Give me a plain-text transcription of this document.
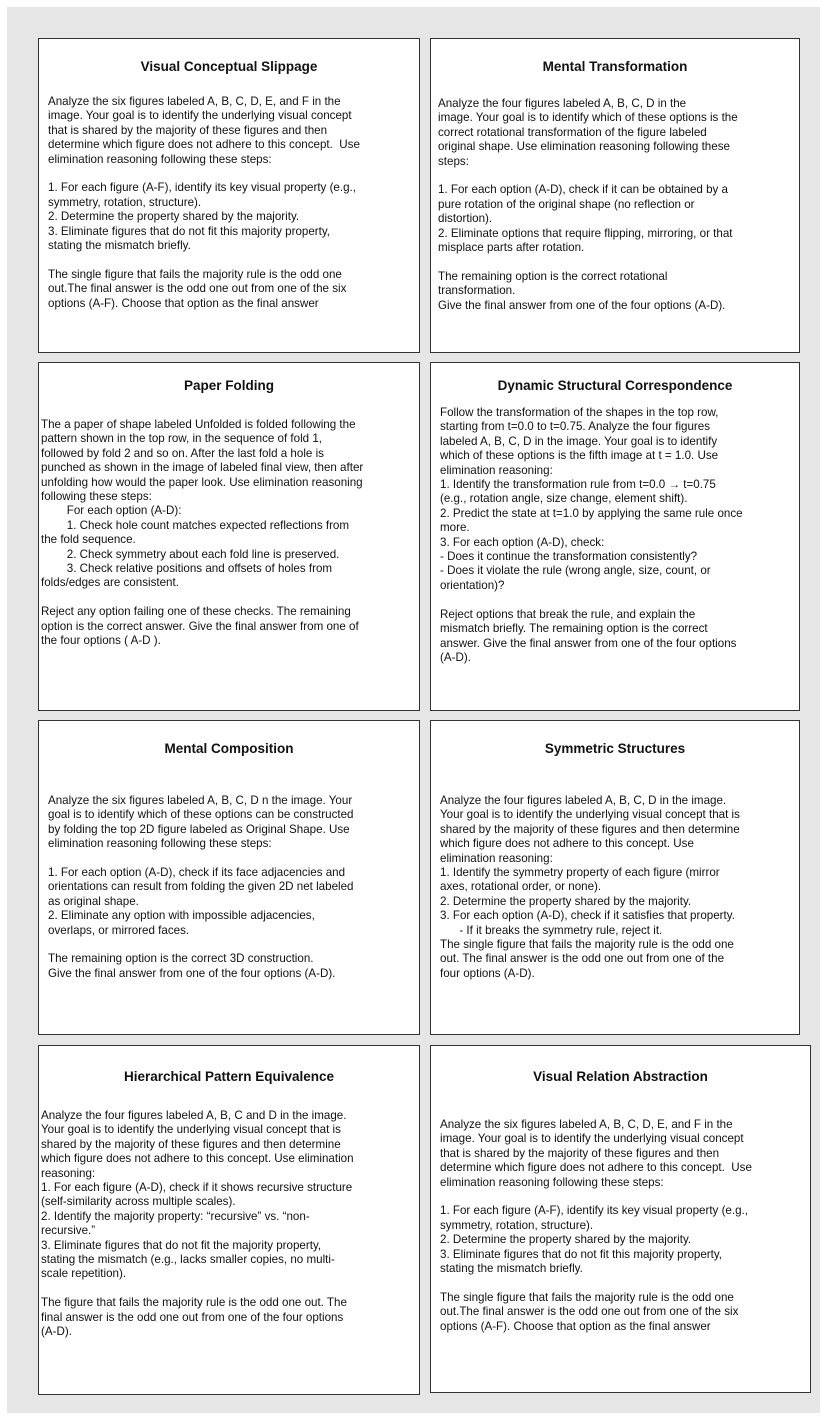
Visual Conceptual Slippage

Analyze the six figures labeled A, B, C, D, E, and F in the
image. Your goal is to identify the underlying visual concept
that is shared by the majority of these figures and then
determine which figure does not adhere to this concept.  Use
elimination reasoning following these steps:

1. For each figure (A-F), identify its key visual property (e.g.,
symmetry, rotation, structure).
2. Determine the property shared by the majority.
3. Eliminate figures that do not fit this majority property,
stating the mismatch briefly.

The single figure that fails the majority rule is the odd one
out.The final answer is the odd one out from one of the six
options (A-F). Choose that option as the final answer

Mental Transformation

Analyze the four figures labeled A, B, C, D in the
image. Your goal is to identify which of these options is the
correct rotational transformation of the figure labeled
original shape. Use elimination reasoning following these
steps:

1. For each option (A-D), check if it can be obtained by a
pure rotation of the original shape (no reflection or
distortion).
2. Eliminate options that require flipping, mirroring, or that
misplace parts after rotation.

The remaining option is the correct rotational
transformation.
Give the final answer from one of the four options (A-D).

Paper Folding

The a paper of shape labeled Unfolded is folded following the
pattern shown in the top row, in the sequence of fold 1,
followed by fold 2 and so on. After the last fold a hole is
punched as shown in the image of labeled final view, then after
unfolding how would the paper look. Use elimination reasoning
following these steps:
For each option (A-D):
1. Check hole count matches expected reflections from
the fold sequence.
2. Check symmetry about each fold line is preserved.
3. Check relative positions and offsets of holes from
folds/edges are consistent.

Reject any option failing one of these checks. The remaining
option is the correct answer. Give the final answer from one of
the four options ( A-D ).

Dynamic Structural Correspondence

Follow the transformation of the shapes in the top row,
starting from t=0.0 to t=0.75. Analyze the four figures
labeled A, B, C, D in the image. Your goal is to identify
which of these options is the fifth image at t = 1.0. Use
elimination reasoning:
1. Identify the transformation rule from t=0.0 → t=0.75
(e.g., rotation angle, size change, element shift).
2. Predict the state at t=1.0 by applying the same rule once
more.
3. For each option (A-D), check:
- Does it continue the transformation consistently?
- Does it violate the rule (wrong angle, size, count, or
orientation)?

Reject options that break the rule, and explain the
mismatch briefly. The remaining option is the correct
answer. Give the final answer from one of the four options
(A-D).

Mental Composition

Analyze the six figures labeled A, B, C, D n the image. Your
goal is to identify which of these options can be constructed
by folding the top 2D figure labeled as Original Shape. Use
elimination reasoning following these steps:

1. For each option (A-D), check if its face adjacencies and
orientations can result from folding the given 2D net labeled
as original shape.
2. Eliminate any option with impossible adjacencies,
overlaps, or mirrored faces.

The remaining option is the correct 3D construction.
Give the final answer from one of the four options (A-D).

Symmetric Structures

Analyze the four figures labeled A, B, C, D in the image.
Your goal is to identify the underlying visual concept that is
shared by the majority of these figures and then determine
which figure does not adhere to this concept. Use
elimination reasoning:
1. Identify the symmetry property of each figure (mirror
axes, rotational order, or none).
2. Determine the property shared by the majority.
3. For each option (A-D), check if it satisfies that property.
- If it breaks the symmetry rule, reject it.
The single figure that fails the majority rule is the odd one
out. The final answer is the odd one out from one of the
four options (A-D).

Hierarchical Pattern Equivalence

Analyze the four figures labeled A, B, C and D in the image.
Your goal is to identify the underlying visual concept that is
shared by the majority of these figures and then determine
which figure does not adhere to this concept. Use elimination
reasoning:
1. For each figure (A-D), check if it shows recursive structure
(self-similarity across multiple scales).
2. Identify the majority property: “recursive” vs. “non-
recursive.”
3. Eliminate figures that do not fit the majority property,
stating the mismatch (e.g., lacks smaller copies, no multi-
scale repetition).

The figure that fails the majority rule is the odd one out. The
final answer is the odd one out from one of the four options
(A-D).

Visual Relation Abstraction

Analyze the six figures labeled A, B, C, D, E, and F in the
image. Your goal is to identify the underlying visual concept
that is shared by the majority of these figures and then
determine which figure does not adhere to this concept.  Use
elimination reasoning following these steps:

1. For each figure (A-F), identify its key visual property (e.g.,
symmetry, rotation, structure).
2. Determine the property shared by the majority.
3. Eliminate figures that do not fit this majority property,
stating the mismatch briefly.

The single figure that fails the majority rule is the odd one
out.The final answer is the odd one out from one of the six
options (A-F). Choose that option as the final answer
